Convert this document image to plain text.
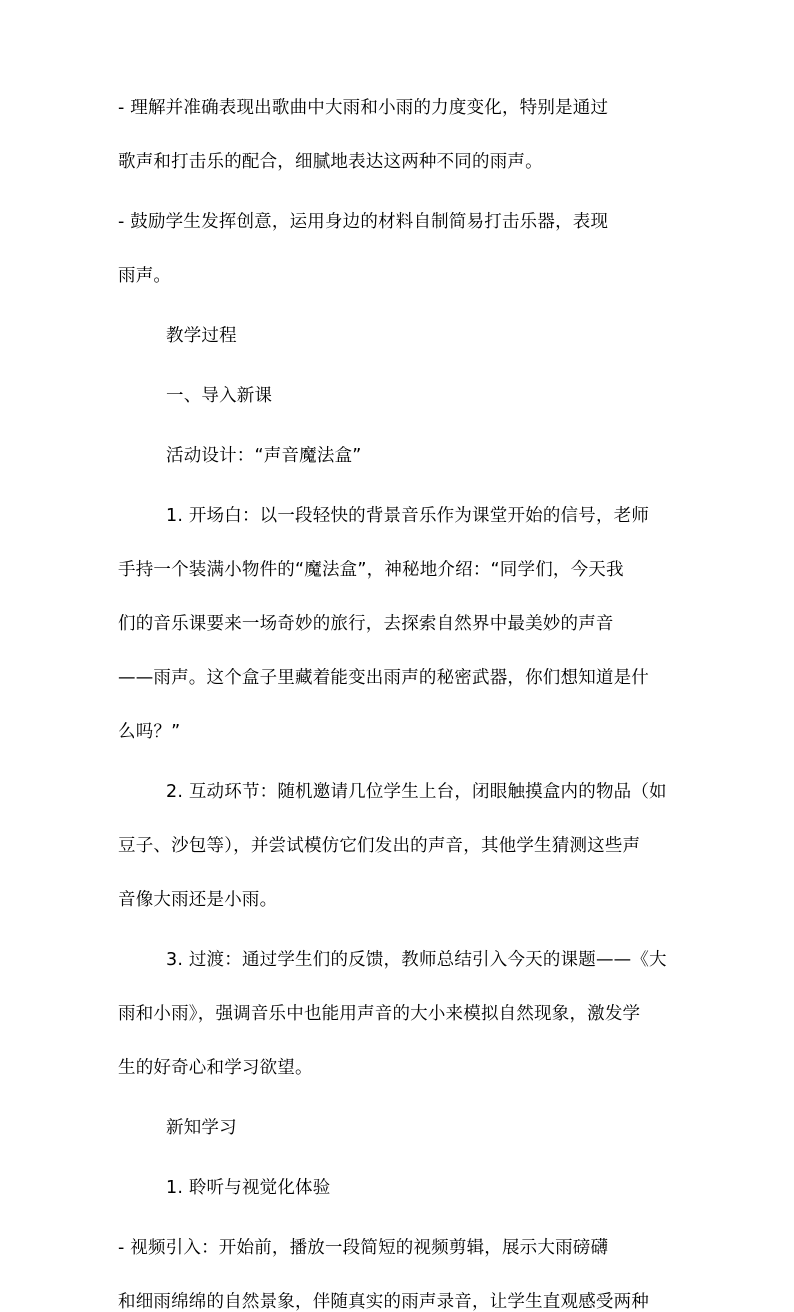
- 理解并准确表现出歌曲中大雨和小雨的力度变化，特别是通过
歌声和打击乐的配合，细腻地表达这两种不同的雨声。
- 鼓励学生发挥创意，运用身边的材料自制简易打击乐器，表现
雨声。
教学过程
一、导入新课
活动设计：“声音魔法盒”
1. 开场白：以一段轻快的背景音乐作为课堂开始的信号，老师
手持一个装满小物件的“魔法盒”，神秘地介绍：“同学们，今天我
们的音乐课要来一场奇妙的旅行，去探索自然界中最美妙的声音
——雨声。这个盒子里藏着能变出雨声的秘密武器，你们想知道是什
么吗？”
2. 互动环节：随机邀请几位学生上台，闭眼触摸盒内的物品（如
豆子、沙包等），并尝试模仿它们发出的声音，其他学生猜测这些声
音像大雨还是小雨。
3. 过渡：通过学生们的反馈，教师总结引入今天的课题——《大
雨和小雨》，强调音乐中也能用声音的大小来模拟自然现象，激发学
生的好奇心和学习欲望。
新知学习
1. 聆听与视觉化体验
- 视频引入：开始前，播放一段简短的视频剪辑，展示大雨磅礴
和细雨绵绵的自然景象，伴随真实的雨声录音，让学生直观感受两种
